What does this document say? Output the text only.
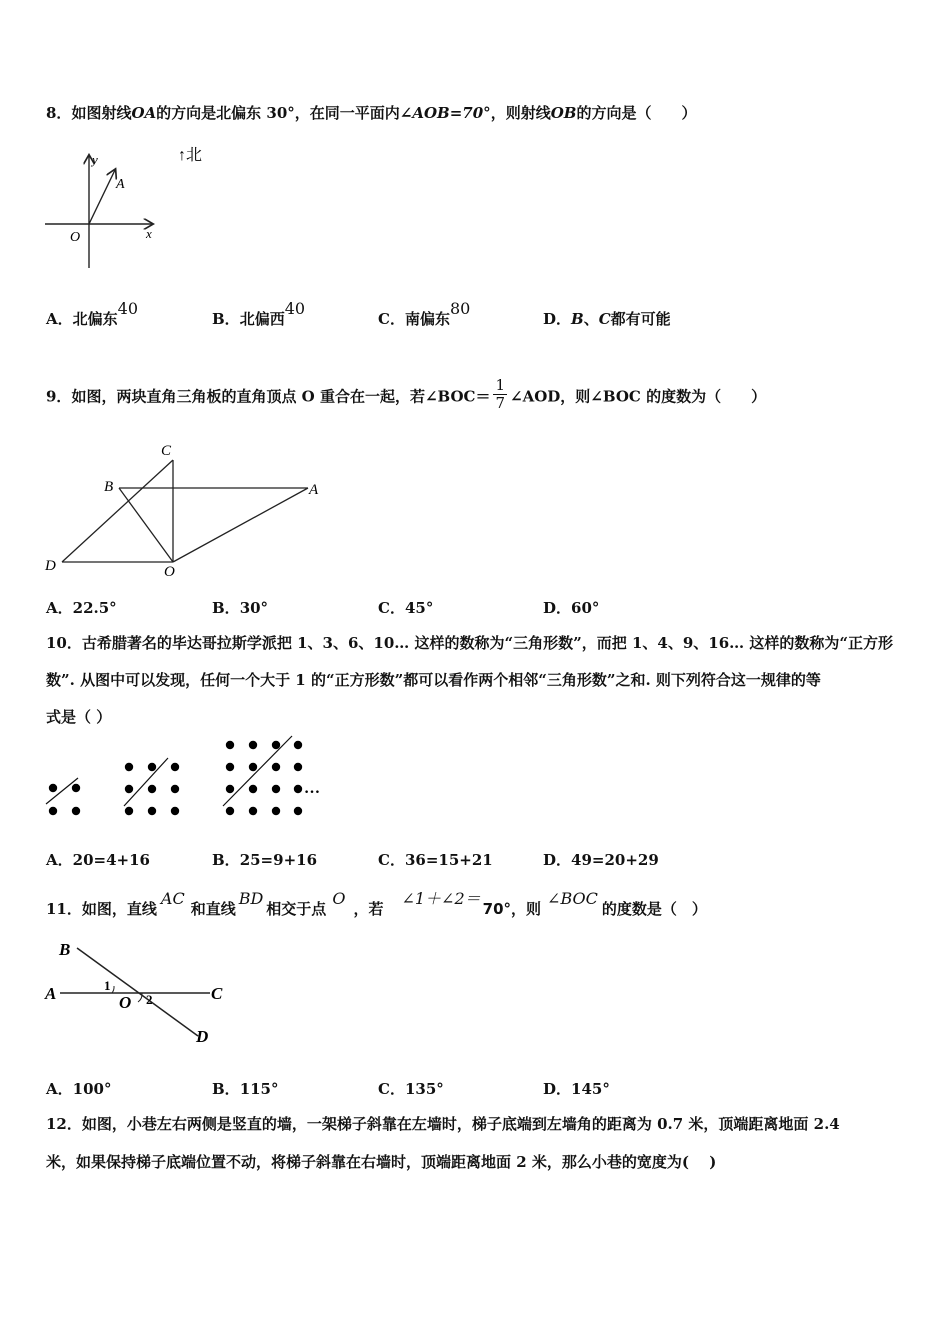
8．如图射线OA的方向是北偏东 30°，在同一平面内∠AOB=70°，则射线OB的方向是（　　）
y
A
O	x
↑北
A．北偏东40
B．北偏西40
C．南偏东80
D．B、C都有可能
9．如图，两块直角三角板的直角顶点 O 重合在一起，若∠BOC＝ $\frac{1}{7}$ ∠AOD，则∠BOC 的度数为（　　）
C
B	A
D	O
A．22.5°	B．30°	C．45°	D．60°
10．古希腊著名的毕达哥拉斯学派把 1、3、6、10… 这样的数称为“三角形数”，而把 1、4、9、16… 这样的数称为“正方形
数”. 从图中可以发现，任何一个大于 1 的“正方形数”都可以看作两个相邻“三角形数”之和. 则下列符合这一规律的等
式是（ ）
…
A．20=4+16	B．25=9+16	C．36=15+21	D．49=20+29
11．如图，直线AC和直线BD相交于点O，若∠1＋∠2＝70°，则∠BOC的度数是（　）
B
A	C
O
D
1
2
A．100°	B．115°	C．135°	D．145°
12．如图，小巷左右两侧是竖直的墙，一架梯子斜靠在左墙时，梯子底端到左墙角的距离为 0.7 米，顶端距离地面 2.4
米，如果保持梯子底端位置不动，将梯子斜靠在右墙时，顶端距离地面 2 米，那么小巷的宽度为(　 )
